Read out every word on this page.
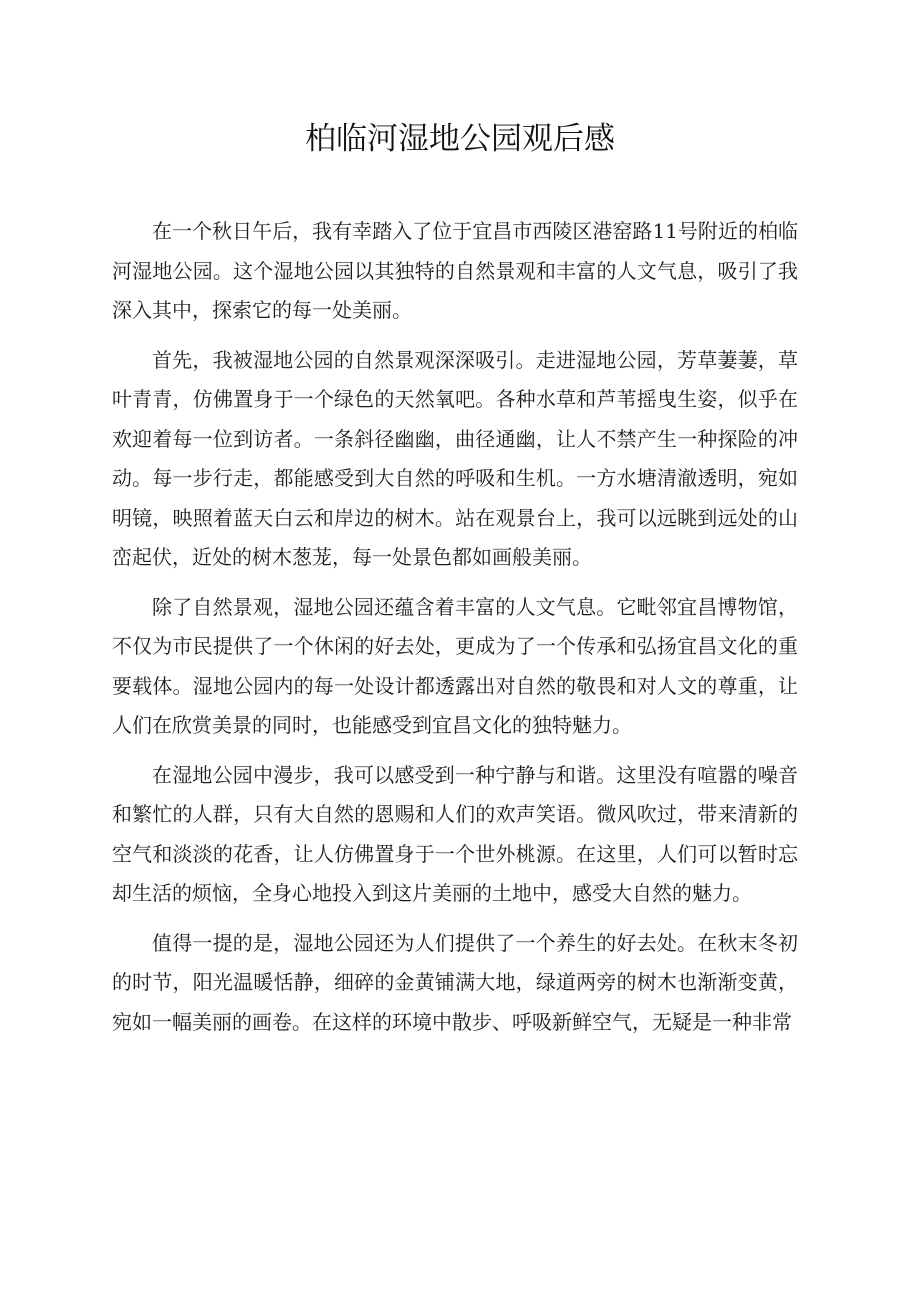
柏临河湿地公园观后感

在一个秋日午后，我有幸踏入了位于宜昌市西陵区港窑路11号附近的柏临河湿地公园。这个湿地公园以其独特的自然景观和丰富的人文气息，吸引了我深入其中，探索它的每一处美丽。

首先，我被湿地公园的自然景观深深吸引。走进湿地公园，芳草萋萋，草叶青青，仿佛置身于一个绿色的天然氧吧。各种水草和芦苇摇曳生姿，似乎在欢迎着每一位到访者。一条斜径幽幽，曲径通幽，让人不禁产生一种探险的冲动。每一步行走，都能感受到大自然的呼吸和生机。一方水塘清澈透明，宛如明镜，映照着蓝天白云和岸边的树木。站在观景台上，我可以远眺到远处的山峦起伏，近处的树木葱茏，每一处景色都如画般美丽。

除了自然景观，湿地公园还蕴含着丰富的人文气息。它毗邻宜昌博物馆，不仅为市民提供了一个休闲的好去处，更成为了一个传承和弘扬宜昌文化的重要载体。湿地公园内的每一处设计都透露出对自然的敬畏和对人文的尊重，让人们在欣赏美景的同时，也能感受到宜昌文化的独特魅力。

在湿地公园中漫步，我可以感受到一种宁静与和谐。这里没有喧嚣的噪音和繁忙的人群，只有大自然的恩赐和人们的欢声笑语。微风吹过，带来清新的空气和淡淡的花香，让人仿佛置身于一个世外桃源。在这里，人们可以暂时忘却生活的烦恼，全身心地投入到这片美丽的土地中，感受大自然的魅力。

值得一提的是，湿地公园还为人们提供了一个养生的好去处。在秋末冬初的时节，阳光温暖恬静，细碎的金黄铺满大地，绿道两旁的树木也渐渐变黄，宛如一幅美丽的画卷。在这样的环境中散步、呼吸新鲜空气，无疑是一种非常
